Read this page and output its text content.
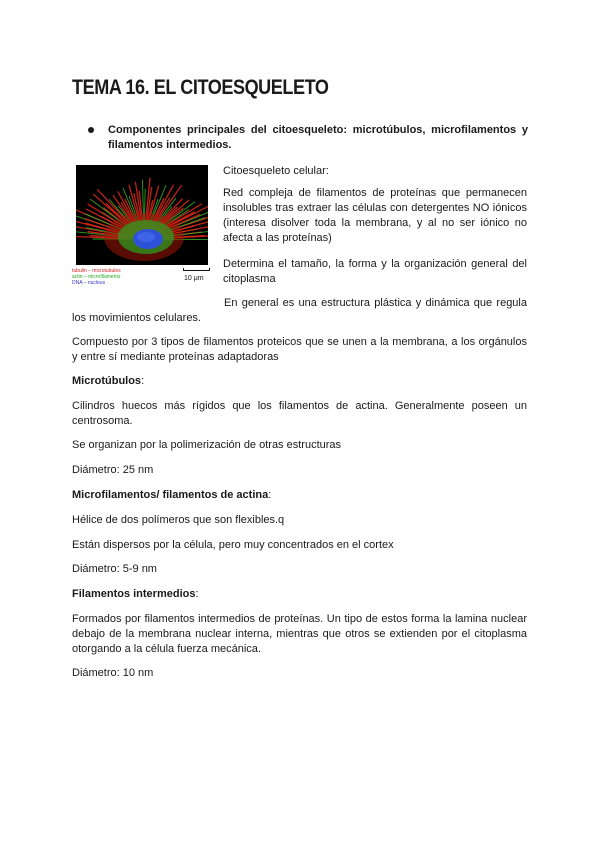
TEMA 16. EL CITOESQUELETO
Componentes principales del citoesqueleto: microtúbulos, microfilamentos y filamentos intermedios.
tubulin – microtubules
actin – microfilaments
DNA – nucleus
10 μm

Citoesqueleto celular:

Red compleja de filamentos de proteínas que permanecen insolubles tras extraer las células con detergentes NO iónicos (interesa disolver toda la membrana, y al no ser iónico no afecta a las proteínas)

Determina el tamaño, la forma y la organización general del citoplasma

En general es una estructura plástica y dinámica que regula los movimientos celulares.

Compuesto por 3 tipos de filamentos proteicos que se unen a la membrana, a los orgánulos y entre sí mediante proteínas adaptadoras

Microtúbulos:

Cilindros huecos más rígidos que los filamentos de actina. Generalmente poseen un centrosoma.

Se organizan por la polimerización de otras estructuras

Diámetro: 25 nm

Microfilamentos/ filamentos de actina:

Hélice de dos polímeros que son flexibles.q

Están dispersos por la célula, pero muy concentrados en el cortex

Diámetro: 5-9 nm

Filamentos intermedios:

Formados por filamentos intermedios de proteínas. Un tipo de estos forma la lamina nuclear debajo de la membrana nuclear interna, mientras que otros se extienden por el citoplasma otorgando a la célula fuerza mecánica.

Diámetro: 10 nm
